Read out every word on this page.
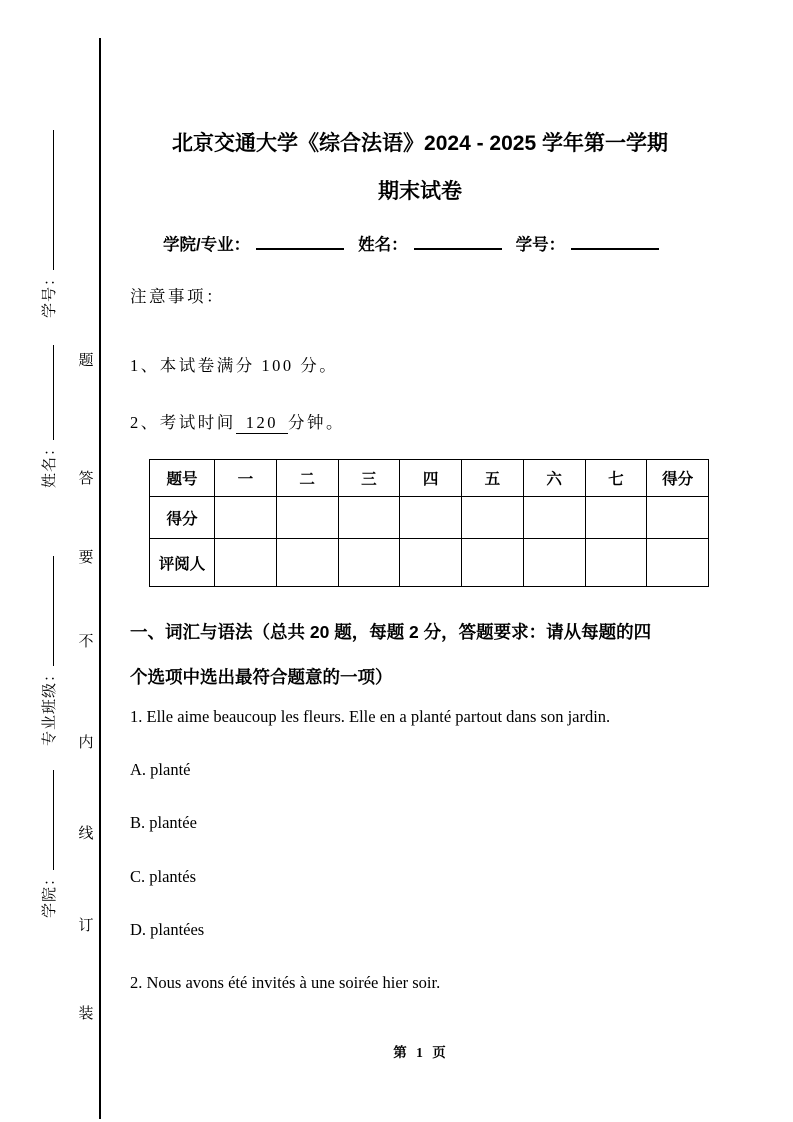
学号：
姓名：
专业班级：
学院：
题
答
要
不
内
线
订
装
北京交通大学《综合法语》2024 - 2025 学年第一学期
期末试卷
学院/专业：	姓名：	学号：
注意事项：
1、本试卷满分 100 分。
2、考试时间 120 分钟。
题号	一	二	三	四	五	六	七	得分
得分								
评阅人								
一、词汇与语法（总共 20 题，每题 2 分，答题要求：请从每题的四
个选项中选出最符合题意的一项）
1. Elle aime beaucoup les fleurs. Elle en a planté partout dans son jardin.
A. planté
B. plantée
C. plantés
D. plantées
2. Nous avons été invités à une soirée hier soir.
第 1 页
